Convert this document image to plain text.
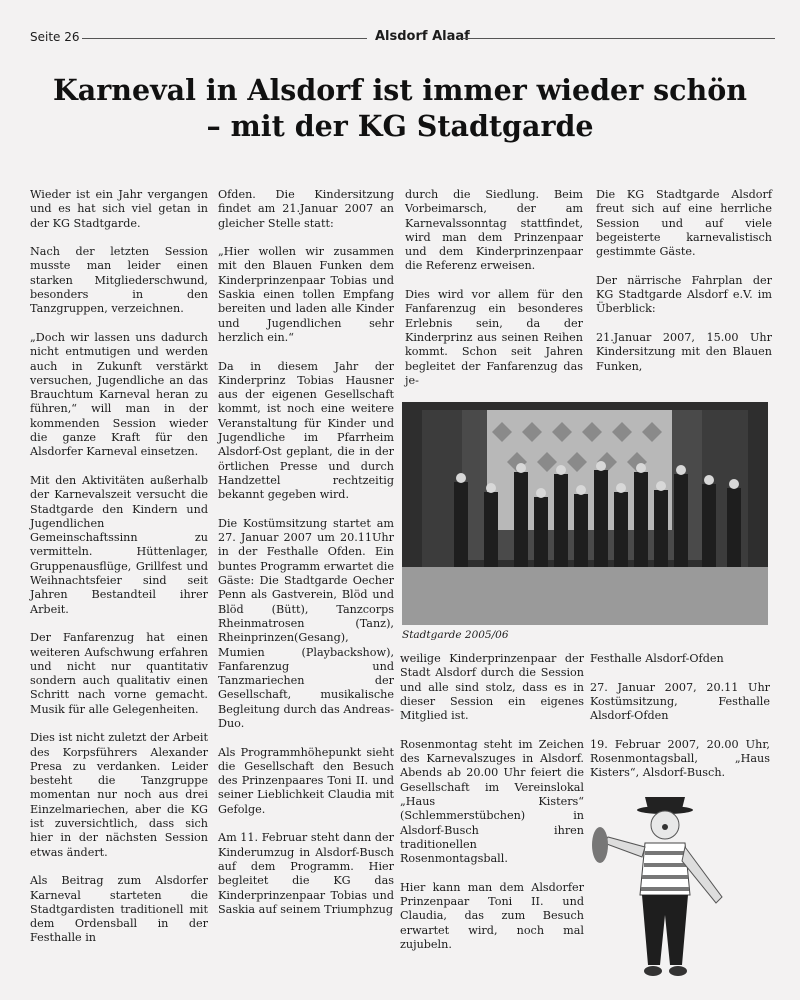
Seite 26	Alsdorf Alaaf
Karneval in Alsdorf ist immer wieder schön
– mit der KG Stadtgarde

Wieder ist ein Jahr vergangen und es hat sich viel getan in der KG Stadtgarde.

Nach der letzten Session musste man leider einen starken Mitgliederschwund, besonders in den Tanzgruppen, verzeichnen.

„Doch wir lassen uns dadurch nicht entmutigen und werden auch in Zukunft verstärkt versuchen, Jugendliche an das Brauchtum Karneval heran zu führen,“ will man in der kommenden Session wieder die ganze Kraft für den Alsdorfer Karneval einsetzen.

Mit den Aktivitäten außerhalb der Karnevalszeit versucht die Stadtgarde den Kindern und Jugendlichen Gemeinschaftssinn zu vermitteln. Hüttenlager, Gruppenausflüge, Grillfest und Weihnachtsfeier sind seit Jahren Bestandteil ihrer Arbeit.

Der Fanfarenzug hat einen weiteren Aufschwung erfahren und nicht nur quantitativ sondern auch qualitativ einen Schritt nach vorne gemacht. Musik für alle Gelegenheiten.

Dies ist nicht zuletzt der Arbeit des Korpsführers Alexander Presa zu verdanken. Leider besteht die Tanzgruppe momentan nur noch aus drei Einzelmariechen, aber die KG ist zuversichtlich, dass sich hier in der nächsten Session etwas ändert.

Als Beitrag zum Alsdorfer Karneval starteten die Stadtgardisten traditionell mit dem Ordensball in der Festhalle in

Ofden. Die Kindersitzung findet am 21.Januar 2007 an gleicher Stelle statt:

„Hier wollen wir zusammen mit den Blauen Funken dem Kinderprinzenpaar Tobias und Saskia einen tollen Empfang bereiten und laden alle Kinder und Jugendlichen sehr herzlich ein.“

Da in diesem Jahr der Kinderprinz Tobias Hausner aus der eigenen Gesellschaft kommt, ist noch eine weitere Veranstaltung für Kinder und Jugendliche im Pfarrheim Alsdorf-Ost geplant, die in der örtlichen Presse und durch Handzettel rechtzeitig bekannt gegeben wird.

Die Kostümsitzung startet am 27. Januar 2007 um 20.11Uhr in der Festhalle Ofden. Ein buntes Programm erwartet die Gäste: Die Stadtgarde Oecher Penn als Gastverein, Blöd und Blöd (Bütt), Tanzcorps Rheinmatrosen (Tanz), Rheinprinzen(Gesang), Mumien (Playbackshow), Fanfarenzug und Tanzmariechen der Gesellschaft, musikalische Begleitung durch das Andreas-Duo.

Als Programmhöhepunkt sieht die Gesellschaft den Besuch des Prinzenpaares Toni II. und seiner Lieblichkeit Claudia mit Gefolge.

Am 11. Februar steht dann der Kinderumzug in Alsdorf-Busch auf dem Programm. Hier begleitet die KG das Kinderprinzenpaar Tobias und Saskia auf seinem Triumphzug

durch die Siedlung. Beim Vorbeimarsch, der am Karnevalssonntag stattfindet, wird man dem Prinzenpaar und dem Kinderprinzenpaar die Referenz erweisen.

Dies wird vor allem für den Fanfarenzug ein besonderes Erlebnis sein, da der Kinderprinz aus seinen Reihen kommt. Schon seit Jahren begleitet der Fanfarenzug das je-

Die KG Stadtgarde Alsdorf freut sich auf eine herrliche Session und auf viele begeisterte karnevalistisch gestimmte Gäste.

Der närrische Fahrplan der KG Stadtgarde Alsdorf e.V. im Überblick:

21.Januar 2007, 15.00 Uhr Kindersitzung mit den Blauen Funken,

Stadtgarde 2005/06

weilige Kinderprinzenpaar der Stadt Alsdorf durch die Session und alle sind stolz, dass es in dieser Session ein eigenes Mitglied ist.

Rosenmontag steht im Zeichen des Karnevalszuges in Alsdorf. Abends ab 20.00 Uhr feiert die Gesellschaft im Vereinslokal „Haus Kisters“ (Schlemmerstübchen) in Alsdorf-Busch ihren traditionellen Rosenmontagsball.

Hier kann man dem Alsdorfer Prinzenpaar Toni II. und Claudia, das zum Besuch erwartet wird, noch mal zujubeln.

Festhalle Alsdorf-Ofden

27. Januar 2007, 20.11 Uhr Kostümsitzung, Festhalle Alsdorf-Ofden

19. Februar 2007, 20.00 Uhr, Rosenmontagsball, „Haus Kisters“, Alsdorf-Busch.
